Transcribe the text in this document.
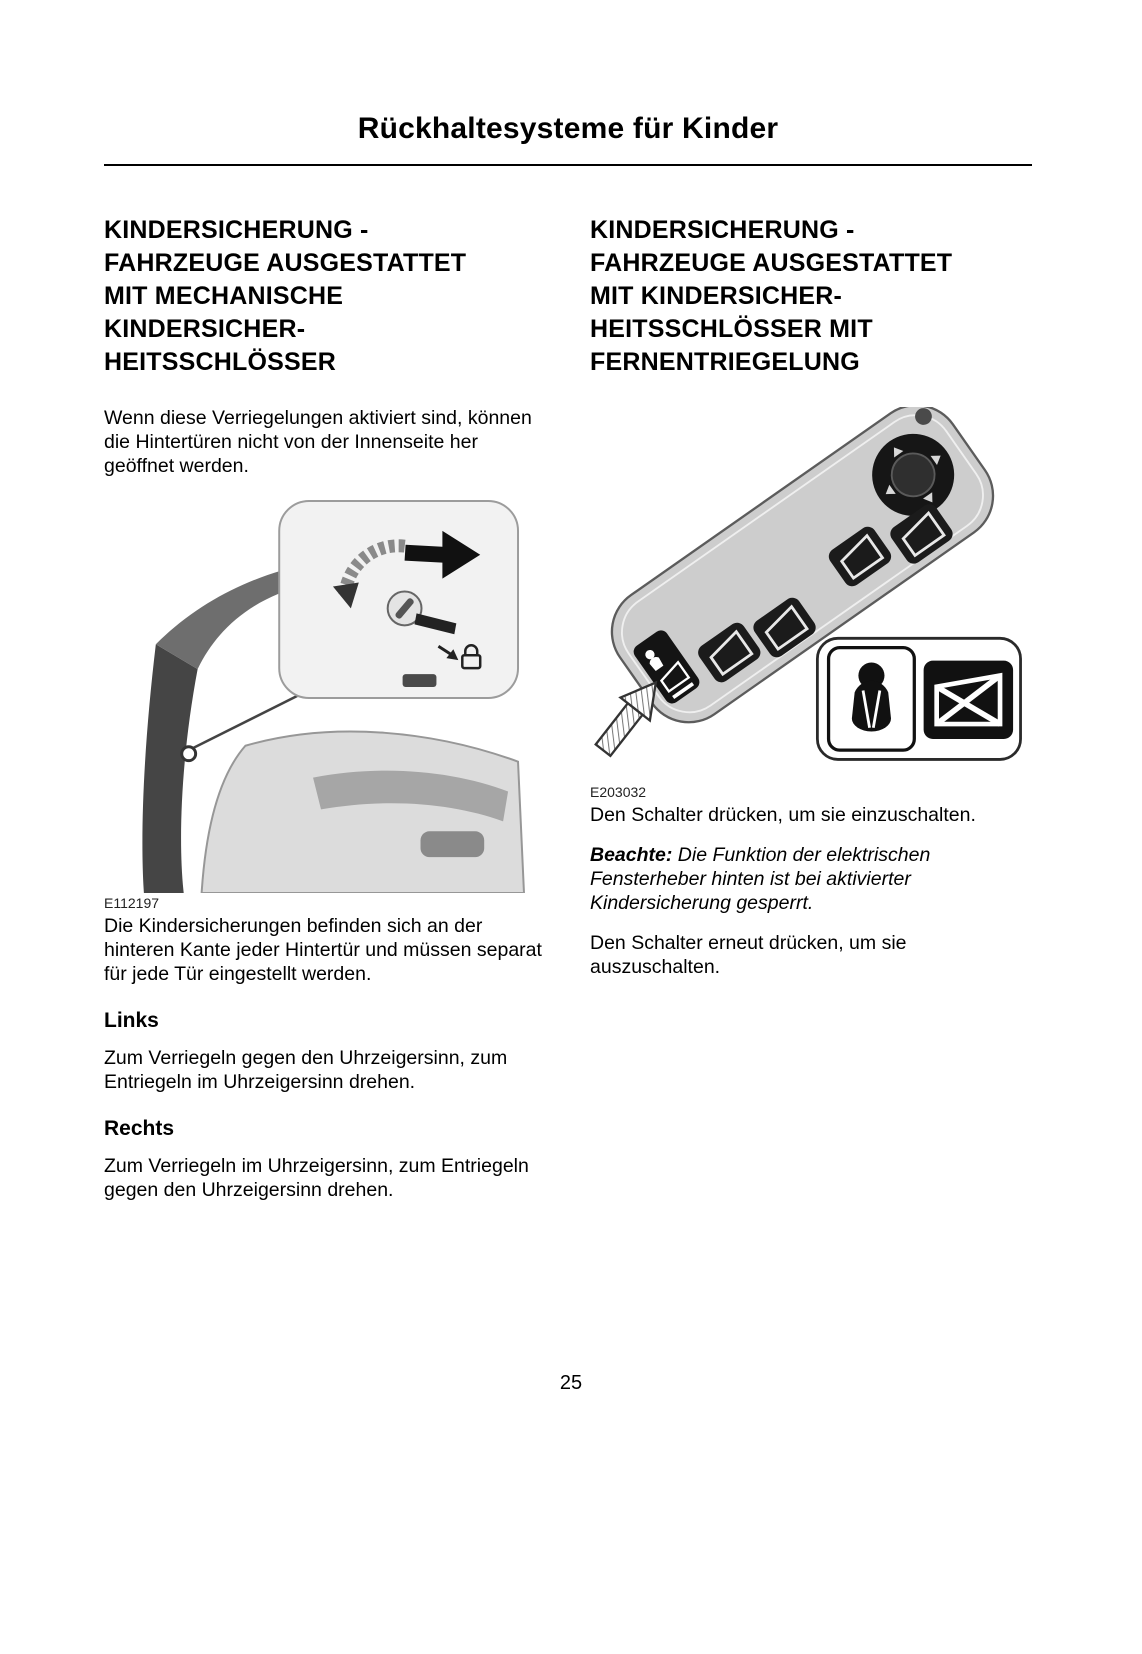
Rückhaltesysteme für Kinder
KINDERSICHERUNG -
FAHRZEUGE AUSGESTATTET
MIT MECHANISCHE
KINDERSICHER-
HEITSSCHLÖSSER

Wenn diese Verriegelungen aktiviert sind, können die Hintertüren nicht von der Innenseite her geöffnet werden.

E112197

Die Kindersicherungen befinden sich an der hinteren Kante jeder Hintertür und müssen separat für jede Tür eingestellt werden.

Links

Zum Verriegeln gegen den Uhrzeigersinn, zum Entriegeln im Uhrzeigersinn drehen.

Rechts

Zum Verriegeln im Uhrzeigersinn, zum Entriegeln gegen den Uhrzeigersinn drehen.

KINDERSICHERUNG -
FAHRZEUGE AUSGESTATTET
MIT KINDERSICHER-
HEITSSCHLÖSSER MIT
FERNENTRIEGELUNG
E203032

Den Schalter drücken, um sie einzuschalten.

Beachte: Die Funktion der elektrischen Fensterheber hinten ist bei aktivierter Kindersicherung gesperrt.

Den Schalter erneut drücken, um sie auszuschalten.

25
